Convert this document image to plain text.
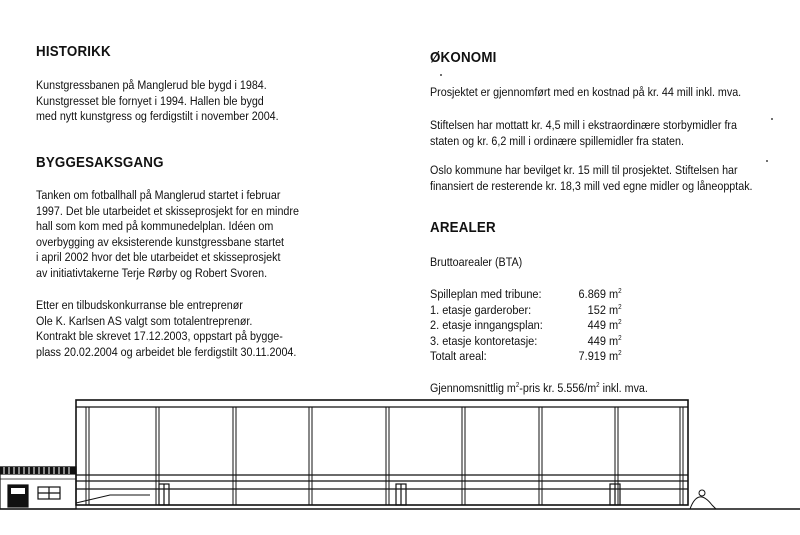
HISTORIKK
Kunstgressbanen på Manglerud ble bygd i 1984.
Kunstgresset ble fornyet i 1994. Hallen ble bygd
med nytt kunstgress og ferdigstilt i november 2004.
BYGGESAKSGANG
Tanken om fotballhall på Manglerud startet i februar
1997. Det ble utarbeidet et skisseprosjekt for en mindre
hall som kom med på kommunedelplan. Idéen om
overbygging av eksisterende kunstgressbane startet
i april 2002 hvor det ble utarbeidet et skisseprosjekt
av initiativtakerne Terje Rørby og Robert Svoren.
Etter en tilbudskonkurranse ble entreprenør
Ole K. Karlsen AS valgt som totalentreprenør.
Kontrakt ble skrevet 17.12.2003, oppstart på bygge-
plass 20.02.2004 og arbeidet ble ferdigstilt 30.11.2004.
ØKONOMI
Prosjektet er gjennomført med en kostnad på kr. 44 mill inkl. mva.
Stiftelsen har mottatt kr. 4,5 mill i ekstraordinære storbymidler fra
staten og kr. 6,2 mill i ordinære spillemidler fra staten.
Oslo kommune har bevilget kr. 15 mill til prosjektet. Stiftelsen har
finansiert de resterende kr. 18,3 mill ved egne midler og låneopptak.
AREALER
Bruttoarealer (BTA)
Spilleplan med tribune:	6.869 $m^2$
1. etasje garderober:	152 $m^2$
2. etasje inngangsplan:	449 $m^2$
3. etasje kontoretasje:	449 $m^2$
Totalt areal:	7.919 $m^2$
Gjennomsnittlig $m^2$-pris kr. $5.556/m^2$ inkl. mva.
